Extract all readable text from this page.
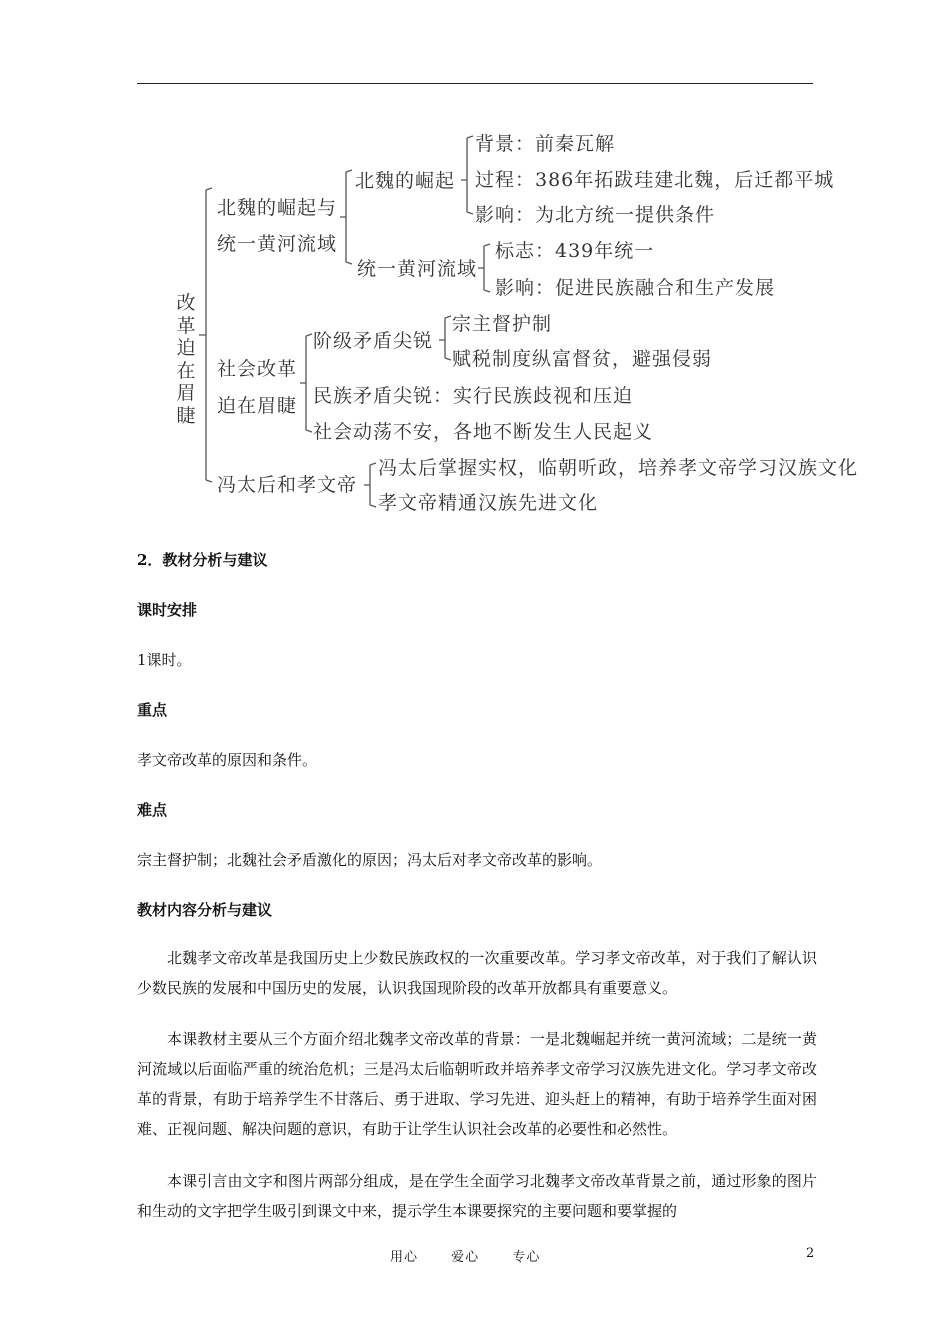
改
革
迫
在
眉
睫
北魏的崛起与
统一黄河流域
北魏的崛起
背景：前秦瓦解
过程：386年拓跋珪建北魏，后迁都平城
影响：为北方统一提供条件
统一黄河流域
标志：439年统一
影响：促进民族融合和生产发展
社会改革
迫在眉睫
阶级矛盾尖锐
宗主督护制
赋税制度纵富督贫，避强侵弱
民族矛盾尖锐：实行民族歧视和压迫
社会动荡不安，各地不断发生人民起义
冯太后和孝文帝
冯太后掌握实权，临朝听政，培养孝文帝学习汉族文化
孝文帝精通汉族先进文化
2．教材分析与建议
课时安排
1课时。
重点
孝文帝改革的原因和条件。
难点
宗主督护制；北魏社会矛盾激化的原因；冯太后对孝文帝改革的影响。
教材内容分析与建议
北魏孝文帝改革是我国历史上少数民族政权的一次重要改革。学习孝文帝改革，对于我们了解认识少数民族的发展和中国历史的发展，认识我国现阶段的改革开放都具有重要意义。
本课教材主要从三个方面介绍北魏孝文帝改革的背景：一是北魏崛起并统一黄河流域；二是统一黄河流域以后面临严重的统治危机；三是冯太后临朝听政并培养孝文帝学习汉族先进文化。学习孝文帝改革的背景，有助于培养学生不甘落后、勇于进取、学习先进、迎头赶上的精神，有助于培养学生面对困难、正视问题、解决问题的意识，有助于让学生认识社会改革的必要性和必然性。
本课引言由文字和图片两部分组成，是在学生全面学习北魏孝文帝改革背景之前，通过形象的图片和生动的文字把学生吸引到课文中来，提示学生本课要探究的主要问题和要掌握的
用心	爱心	专心	2
